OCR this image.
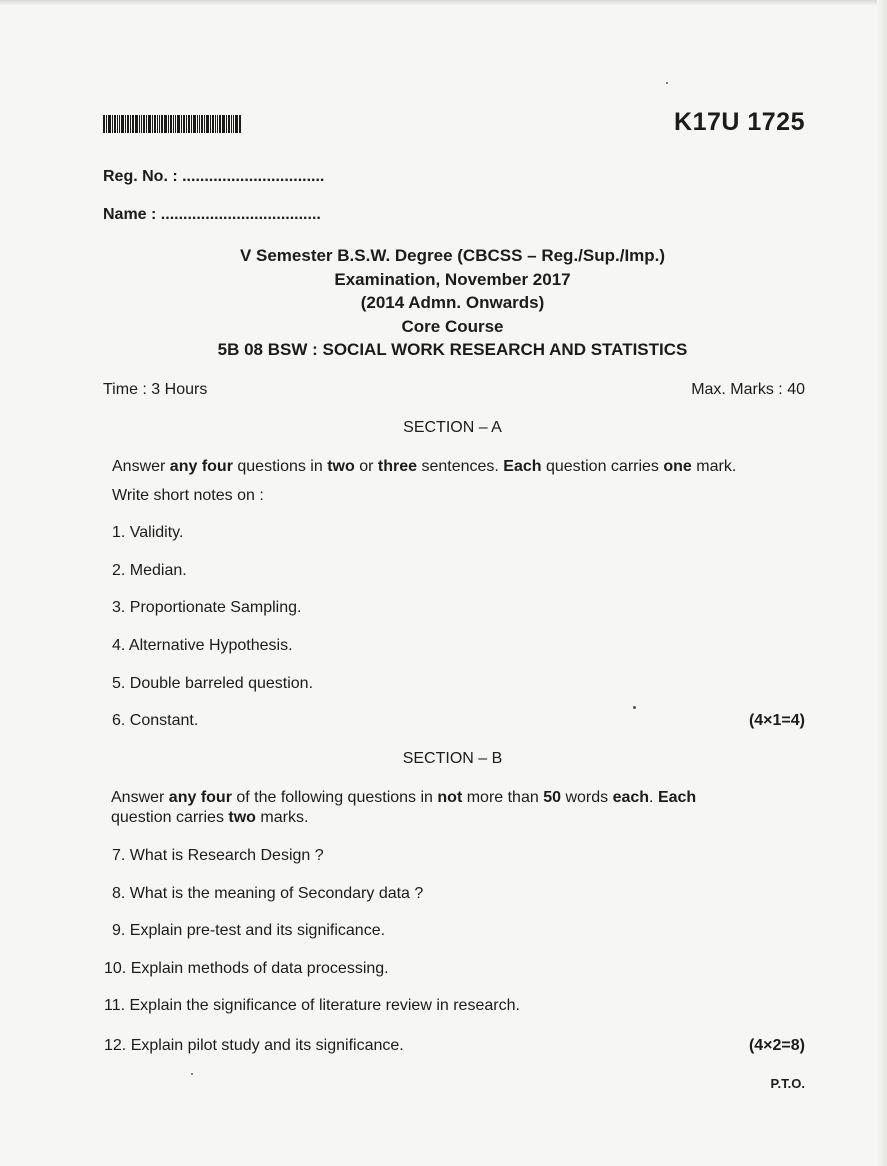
K17U 1725
Reg. No. : ................................
Name : ....................................
V Semester B.S.W. Degree (CBCSS – Reg./Sup./Imp.)
Examination, November 2017
(2014 Admn. Onwards)
Core Course
5B 08 BSW : SOCIAL WORK RESEARCH AND STATISTICS
Time : 3 Hours	Max. Marks : 40
SECTION – A
Answer any four questions in two or three sentences. Each question carries one mark.
Write short notes on :
1. Validity.
2. Median.
3. Proportionate Sampling.
4. Alternative Hypothesis.
5. Double barreled question.
6. Constant.	(4×1=4)
SECTION – B
Answer any four of the following questions in not more than 50 words each. Each
question carries two marks.
7. What is Research Design ?
8. What is the meaning of Secondary data ?
9. Explain pre-test and its significance.
10. Explain methods of data processing.
11. Explain the significance of literature review in research.
12. Explain pilot study and its significance.	(4×2=8)
P.T.O.
